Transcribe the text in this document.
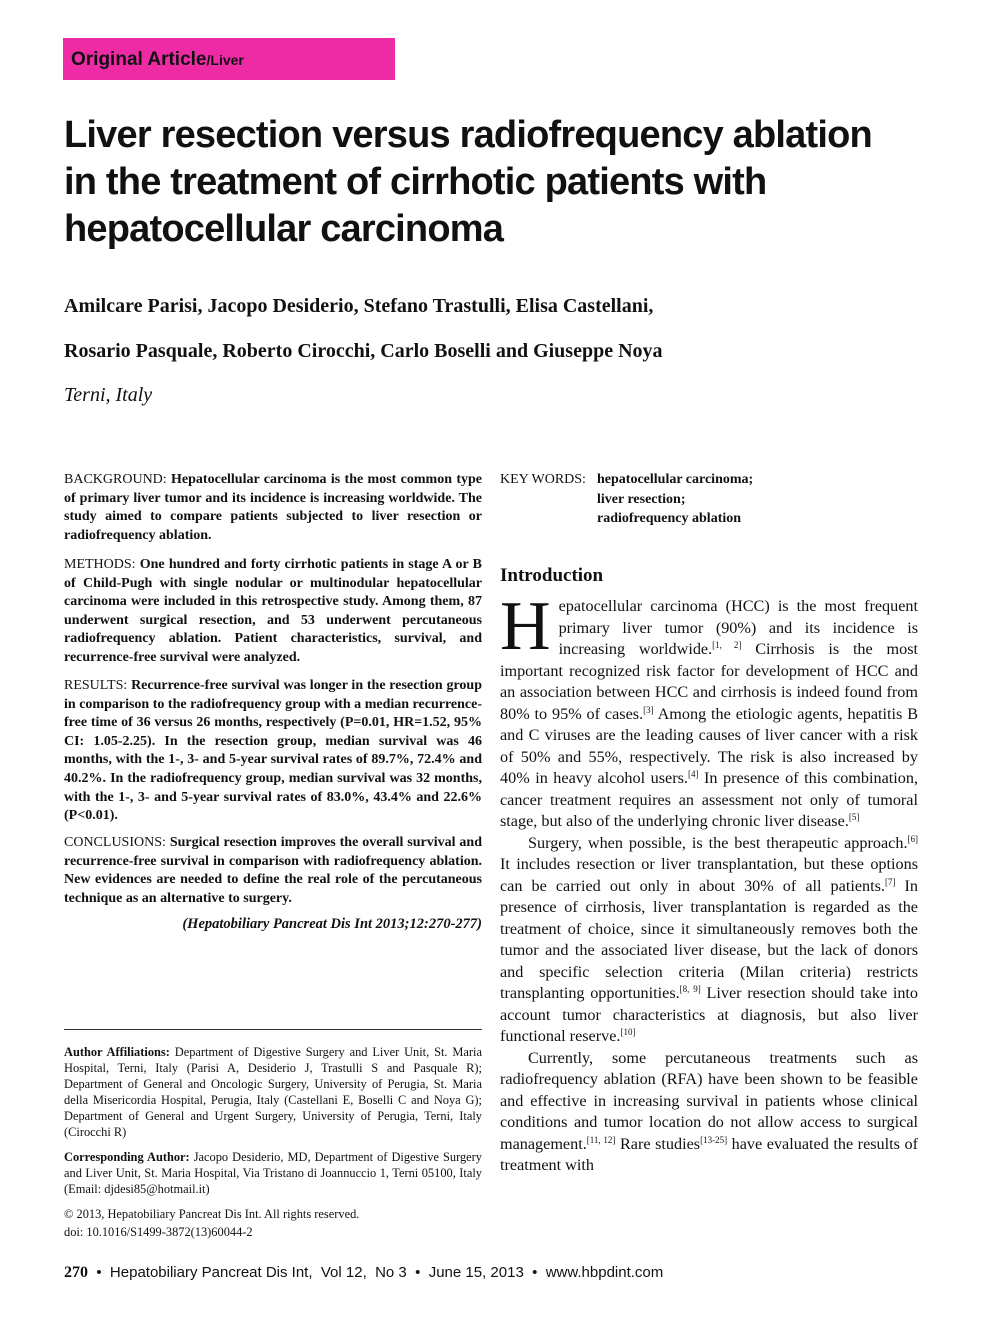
Original Article/Liver
Liver resection versus radiofrequency ablation
in the treatment of cirrhotic patients with
hepatocellular carcinoma
Amilcare Parisi, Jacopo Desiderio, Stefano Trastulli, Elisa Castellani,
Rosario Pasquale, Roberto Cirocchi, Carlo Boselli and Giuseppe Noya
Terni, Italy
BACKGROUND: Hepatocellular carcinoma is the most common type of primary liver tumor and its incidence is increasing worldwide. The study aimed to compare patients subjected to liver resection or radiofrequency ablation.
METHODS: One hundred and forty cirrhotic patients in stage A or B of Child-Pugh with single nodular or multinodular hepatocellular carcinoma were included in this retrospective study. Among them, 87 underwent surgical resection, and 53 underwent percutaneous radiofrequency ablation. Patient characteristics, survival, and recurrence-free survival were analyzed.
RESULTS: Recurrence-free survival was longer in the resection group in comparison to the radiofrequency group with a median recurrence-free time of 36 versus 26 months, respectively (P=0.01, HR=1.52, 95% CI: 1.05-2.25). In the resection group, median survival was 46 months, with the 1-, 3- and 5-year survival rates of 89.7%, 72.4% and 40.2%. In the radiofrequency group, median survival was 32 months, with the 1-, 3- and 5-year survival rates of 83.0%, 43.4% and 22.6% (P<0.01).
CONCLUSIONS: Surgical resection improves the overall survival and recurrence-free survival in comparison with radiofrequency ablation. New evidences are needed to define the real role of the percutaneous technique as an alternative to surgery.
(Hepatobiliary Pancreat Dis Int 2013;12:270-277)
Author Affiliations: Department of Digestive Surgery and Liver Unit, St. Maria Hospital, Terni, Italy (Parisi A, Desiderio J, Trastulli S and Pasquale R); Department of General and Oncologic Surgery, University of Perugia, St. Maria della Misericordia Hospital, Perugia, Italy (Castellani E, Boselli C and Noya G); Department of General and Urgent Surgery, University of Perugia, Terni, Italy (Cirocchi R)
Corresponding Author: Jacopo Desiderio, MD, Department of Digestive Surgery and Liver Unit, St. Maria Hospital, Via Tristano di Joannuccio 1, Terni 05100, Italy (Email: djdesi85@hotmail.it)
© 2013, Hepatobiliary Pancreat Dis Int. All rights reserved.
doi: 10.1016/S1499-3872(13)60044-2
KEY WORDS: hepatocellular carcinoma;
liver resection;
radiofrequency ablation
Introduction

Hepatocellular carcinoma (HCC) is the most frequent primary liver tumor (90%) and its incidence is increasing worldwide.[1, 2] Cirrhosis is the most important recognized risk factor for development of HCC and an association between HCC and cirrhosis is indeed found from 80% to 95% of cases.[3] Among the etiologic agents, hepatitis B and C viruses are the leading causes of liver cancer with a risk of 50% and 55%, respectively. The risk is also increased by 40% in heavy alcohol users.[4] In presence of this combination, cancer treatment requires an assessment not only of tumoral stage, but also of the underlying chronic liver disease.[5]

Surgery, when possible, is the best therapeutic approach.[6] It includes resection or liver transplantation, but these options can be carried out only in about 30% of all patients.[7] In presence of cirrhosis, liver transplantation is regarded as the treatment of choice, since it simultaneously removes both the tumor and the associated liver disease, but the lack of donors and specific selection criteria (Milan criteria) restricts transplanting opportunities.[8, 9] Liver resection should take into account tumor characteristics at diagnosis, but also liver functional reserve.[10]

Currently, some percutaneous treatments such as radiofrequency ablation (RFA) have been shown to be feasible and effective in increasing survival in patients whose clinical conditions and tumor location do not allow access to surgical management.[11, 12] Rare studies[13-25] have evaluated the results of treatment with

270  •  Hepatobiliary Pancreat Dis Int, Vol 12, No 3  •  June 15, 2013  •  www.hbpdint.com
